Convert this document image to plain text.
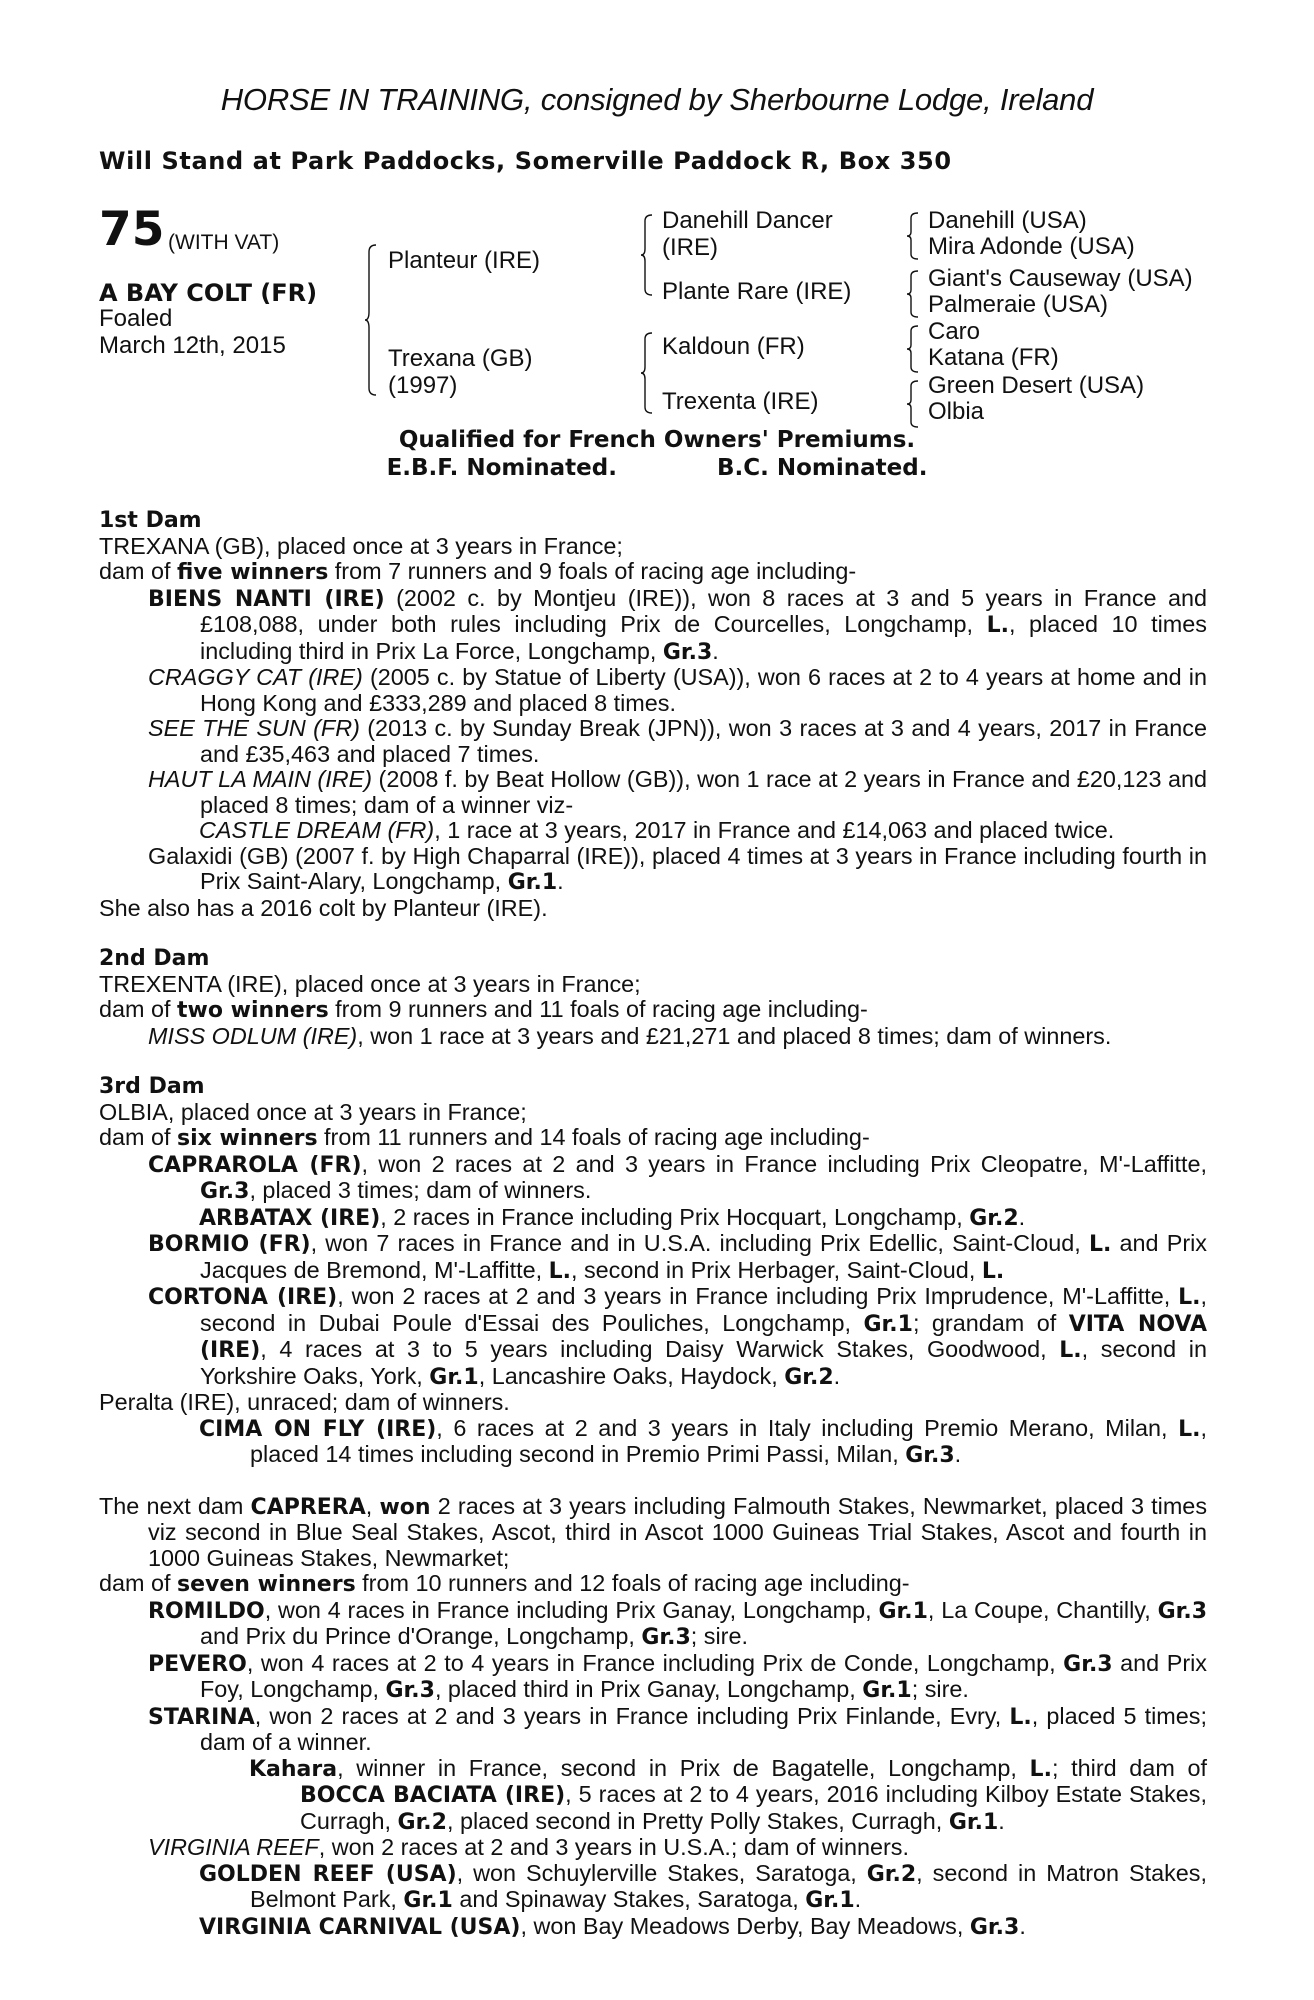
HORSE IN TRAINING, consigned by Sherbourne Lodge, Ireland
Will Stand at Park Paddocks, Somerville Paddock R, Box 350
75 (WITH VAT)
A BAY COLT (FR)
Foaled
March 12th, 2015
Planteur (IRE)
Trexana (GB)
(1997)
Danehill Dancer
(IRE)
Plante Rare (IRE)
Kaldoun (FR)
Trexenta (IRE)
Danehill (USA)
Mira Adonde (USA)
Giant's Causeway (USA)
Palmeraie (USA)
Caro
Katana (FR)
Green Desert (USA)
Olbia
Qualified for French Owners' Premiums.
E.B.F. Nominated.	B.C. Nominated.
1st Dam
TREXANA (GB), placed once at 3 years in France;
dam of five winners from 7 runners and 9 foals of racing age including-
BIENS NANTI (IRE) (2002 c. by Montjeu (IRE)), won 8 races at 3 and 5 years in France and £108,088, under both rules including Prix de Courcelles, Longchamp, L., placed 10 times including third in Prix La Force, Longchamp, Gr.3.
CRAGGY CAT (IRE) (2005 c. by Statue of Liberty (USA)), won 6 races at 2 to 4 years at home and in Hong Kong and £333,289 and placed 8 times.
SEE THE SUN (FR) (2013 c. by Sunday Break (JPN)), won 3 races at 3 and 4 years, 2017 in France and £35,463 and placed 7 times.
HAUT LA MAIN (IRE) (2008 f. by Beat Hollow (GB)), won 1 race at 2 years in France and £20,123 and placed 8 times; dam of a winner viz-
CASTLE DREAM (FR), 1 race at 3 years, 2017 in France and £14,063 and placed twice.
Galaxidi (GB) (2007 f. by High Chaparral (IRE)), placed 4 times at 3 years in France including fourth in Prix Saint-Alary, Longchamp, Gr.1.
She also has a 2016 colt by Planteur (IRE).
2nd Dam
TREXENTA (IRE), placed once at 3 years in France;
dam of two winners from 9 runners and 11 foals of racing age including-
MISS ODLUM (IRE), won 1 race at 3 years and £21,271 and placed 8 times; dam of winners.
3rd Dam
OLBIA, placed once at 3 years in France;
dam of six winners from 11 runners and 14 foals of racing age including-
CAPRAROLA (FR), won 2 races at 2 and 3 years in France including Prix Cleopatre, M'-Laffitte, Gr.3, placed 3 times; dam of winners.
ARBATAX (IRE), 2 races in France including Prix Hocquart, Longchamp, Gr.2.
BORMIO (FR), won 7 races in France and in U.S.A. including Prix Edellic, Saint-Cloud, L. and Prix Jacques de Bremond, M'-Laffitte, L., second in Prix Herbager, Saint-Cloud, L.
CORTONA (IRE), won 2 races at 2 and 3 years in France including Prix Imprudence, M'-Laffitte, L., second in Dubai Poule d'Essai des Pouliches, Longchamp, Gr.1; grandam of VITA NOVA (IRE), 4 races at 3 to 5 years including Daisy Warwick Stakes, Goodwood, L., second in Yorkshire Oaks, York, Gr.1, Lancashire Oaks, Haydock, Gr.2.
Peralta (IRE), unraced; dam of winners.
CIMA ON FLY (IRE), 6 races at 2 and 3 years in Italy including Premio Merano, Milan, L., placed 14 times including second in Premio Primi Passi, Milan, Gr.3.
The next dam CAPRERA, won 2 races at 3 years including Falmouth Stakes, Newmarket, placed 3 times viz second in Blue Seal Stakes, Ascot, third in Ascot 1000 Guineas Trial Stakes, Ascot and fourth in 1000 Guineas Stakes, Newmarket;
dam of seven winners from 10 runners and 12 foals of racing age including-
ROMILDO, won 4 races in France including Prix Ganay, Longchamp, Gr.1, La Coupe, Chantilly, Gr.3 and Prix du Prince d'Orange, Longchamp, Gr.3; sire.
PEVERO, won 4 races at 2 to 4 years in France including Prix de Conde, Longchamp, Gr.3 and Prix Foy, Longchamp, Gr.3, placed third in Prix Ganay, Longchamp, Gr.1; sire.
STARINA, won 2 races at 2 and 3 years in France including Prix Finlande, Evry, L., placed 5 times; dam of a winner.
Kahara, winner in France, second in Prix de Bagatelle, Longchamp, L.; third dam of BOCCA BACIATA (IRE), 5 races at 2 to 4 years, 2016 including Kilboy Estate Stakes, Curragh, Gr.2, placed second in Pretty Polly Stakes, Curragh, Gr.1.
VIRGINIA REEF, won 2 races at 2 and 3 years in U.S.A.; dam of winners.
GOLDEN REEF (USA), won Schuylerville Stakes, Saratoga, Gr.2, second in Matron Stakes, Belmont Park, Gr.1 and Spinaway Stakes, Saratoga, Gr.1.
VIRGINIA CARNIVAL (USA), won Bay Meadows Derby, Bay Meadows, Gr.3.
